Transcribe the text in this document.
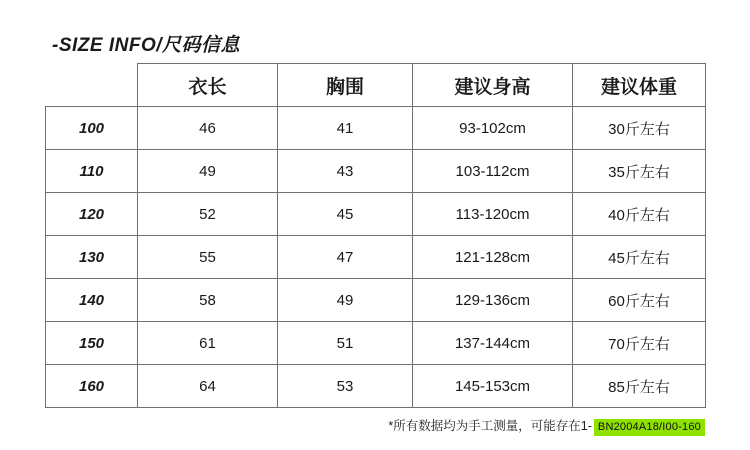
-SIZE INFO/尺码信息
	衣长	胸围	建议身高	建议体重
100	46	41	93-102cm	30斤左右
110	49	43	103-112cm	35斤左右
120	52	45	113-120cm	40斤左右
130	55	47	121-128cm	45斤左右
140	58	49	129-136cm	60斤左右
150	61	51	137-144cm	70斤左右
160	64	53	145-153cm	85斤左右
*所有数据均为手工测量，可能存在1- BN2004A18/I00-160
